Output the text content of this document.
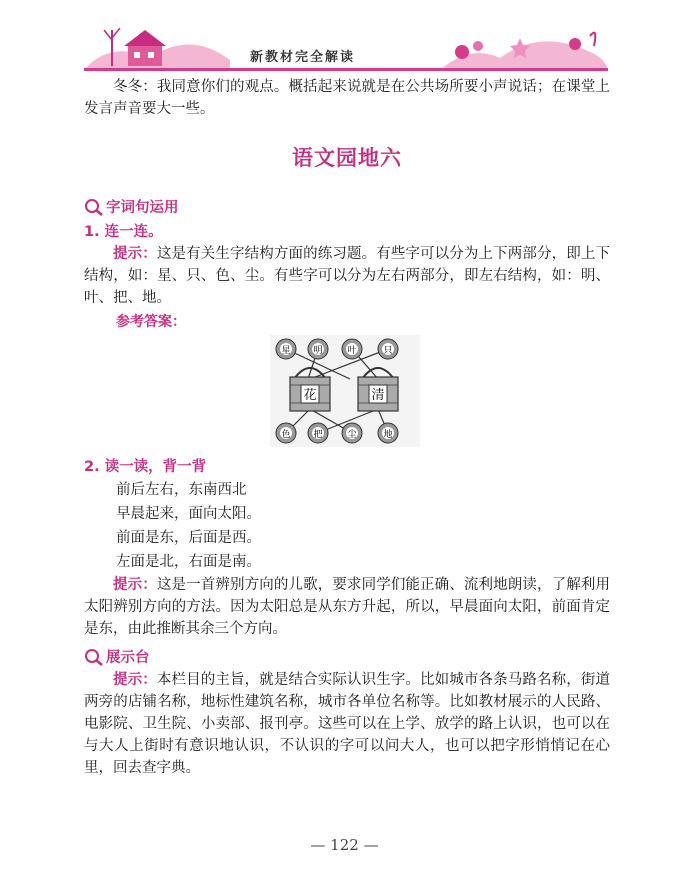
新教材完全解读

冬冬：我同意你们的观点。概括起来说就是在公共场所要小声说话；在课堂上发言声音要大一些。

语文园地六
字词句运用
1. 连一连。

提示：这是有关生字结构方面的练习题。有些字可以分为上下两部分，即上下结构，如：星、只、色、尘。有些字可以分为左右两部分，即左右结构，如：明、叶、把、地。

参考答案：
花	清
星	明	叶	只
色	把	尘	地
2. 读一读，背一背
前后左右，东南西北
早晨起来，面向太阳。
前面是东，后面是西。
左面是北，右面是南。

提示：这是一首辨别方向的儿歌，要求同学们能正确、流利地朗读，了解利用太阳辨别方向的方法。因为太阳总是从东方升起，所以，早晨面向太阳，前面肯定是东，由此推断其余三个方向。

展示台

提示：本栏目的主旨，就是结合实际认识生字。比如城市各条马路名称，街道两旁的店铺名称，地标性建筑名称，城市各单位名称等。比如教材展示的人民路、电影院、卫生院、小卖部、报刊亭。这些可以在上学、放学的路上认识，也可以在与大人上街时有意识地认识，不认识的字可以问大人，也可以把字形悄悄记在心里，回去查字典。

— 122 —
